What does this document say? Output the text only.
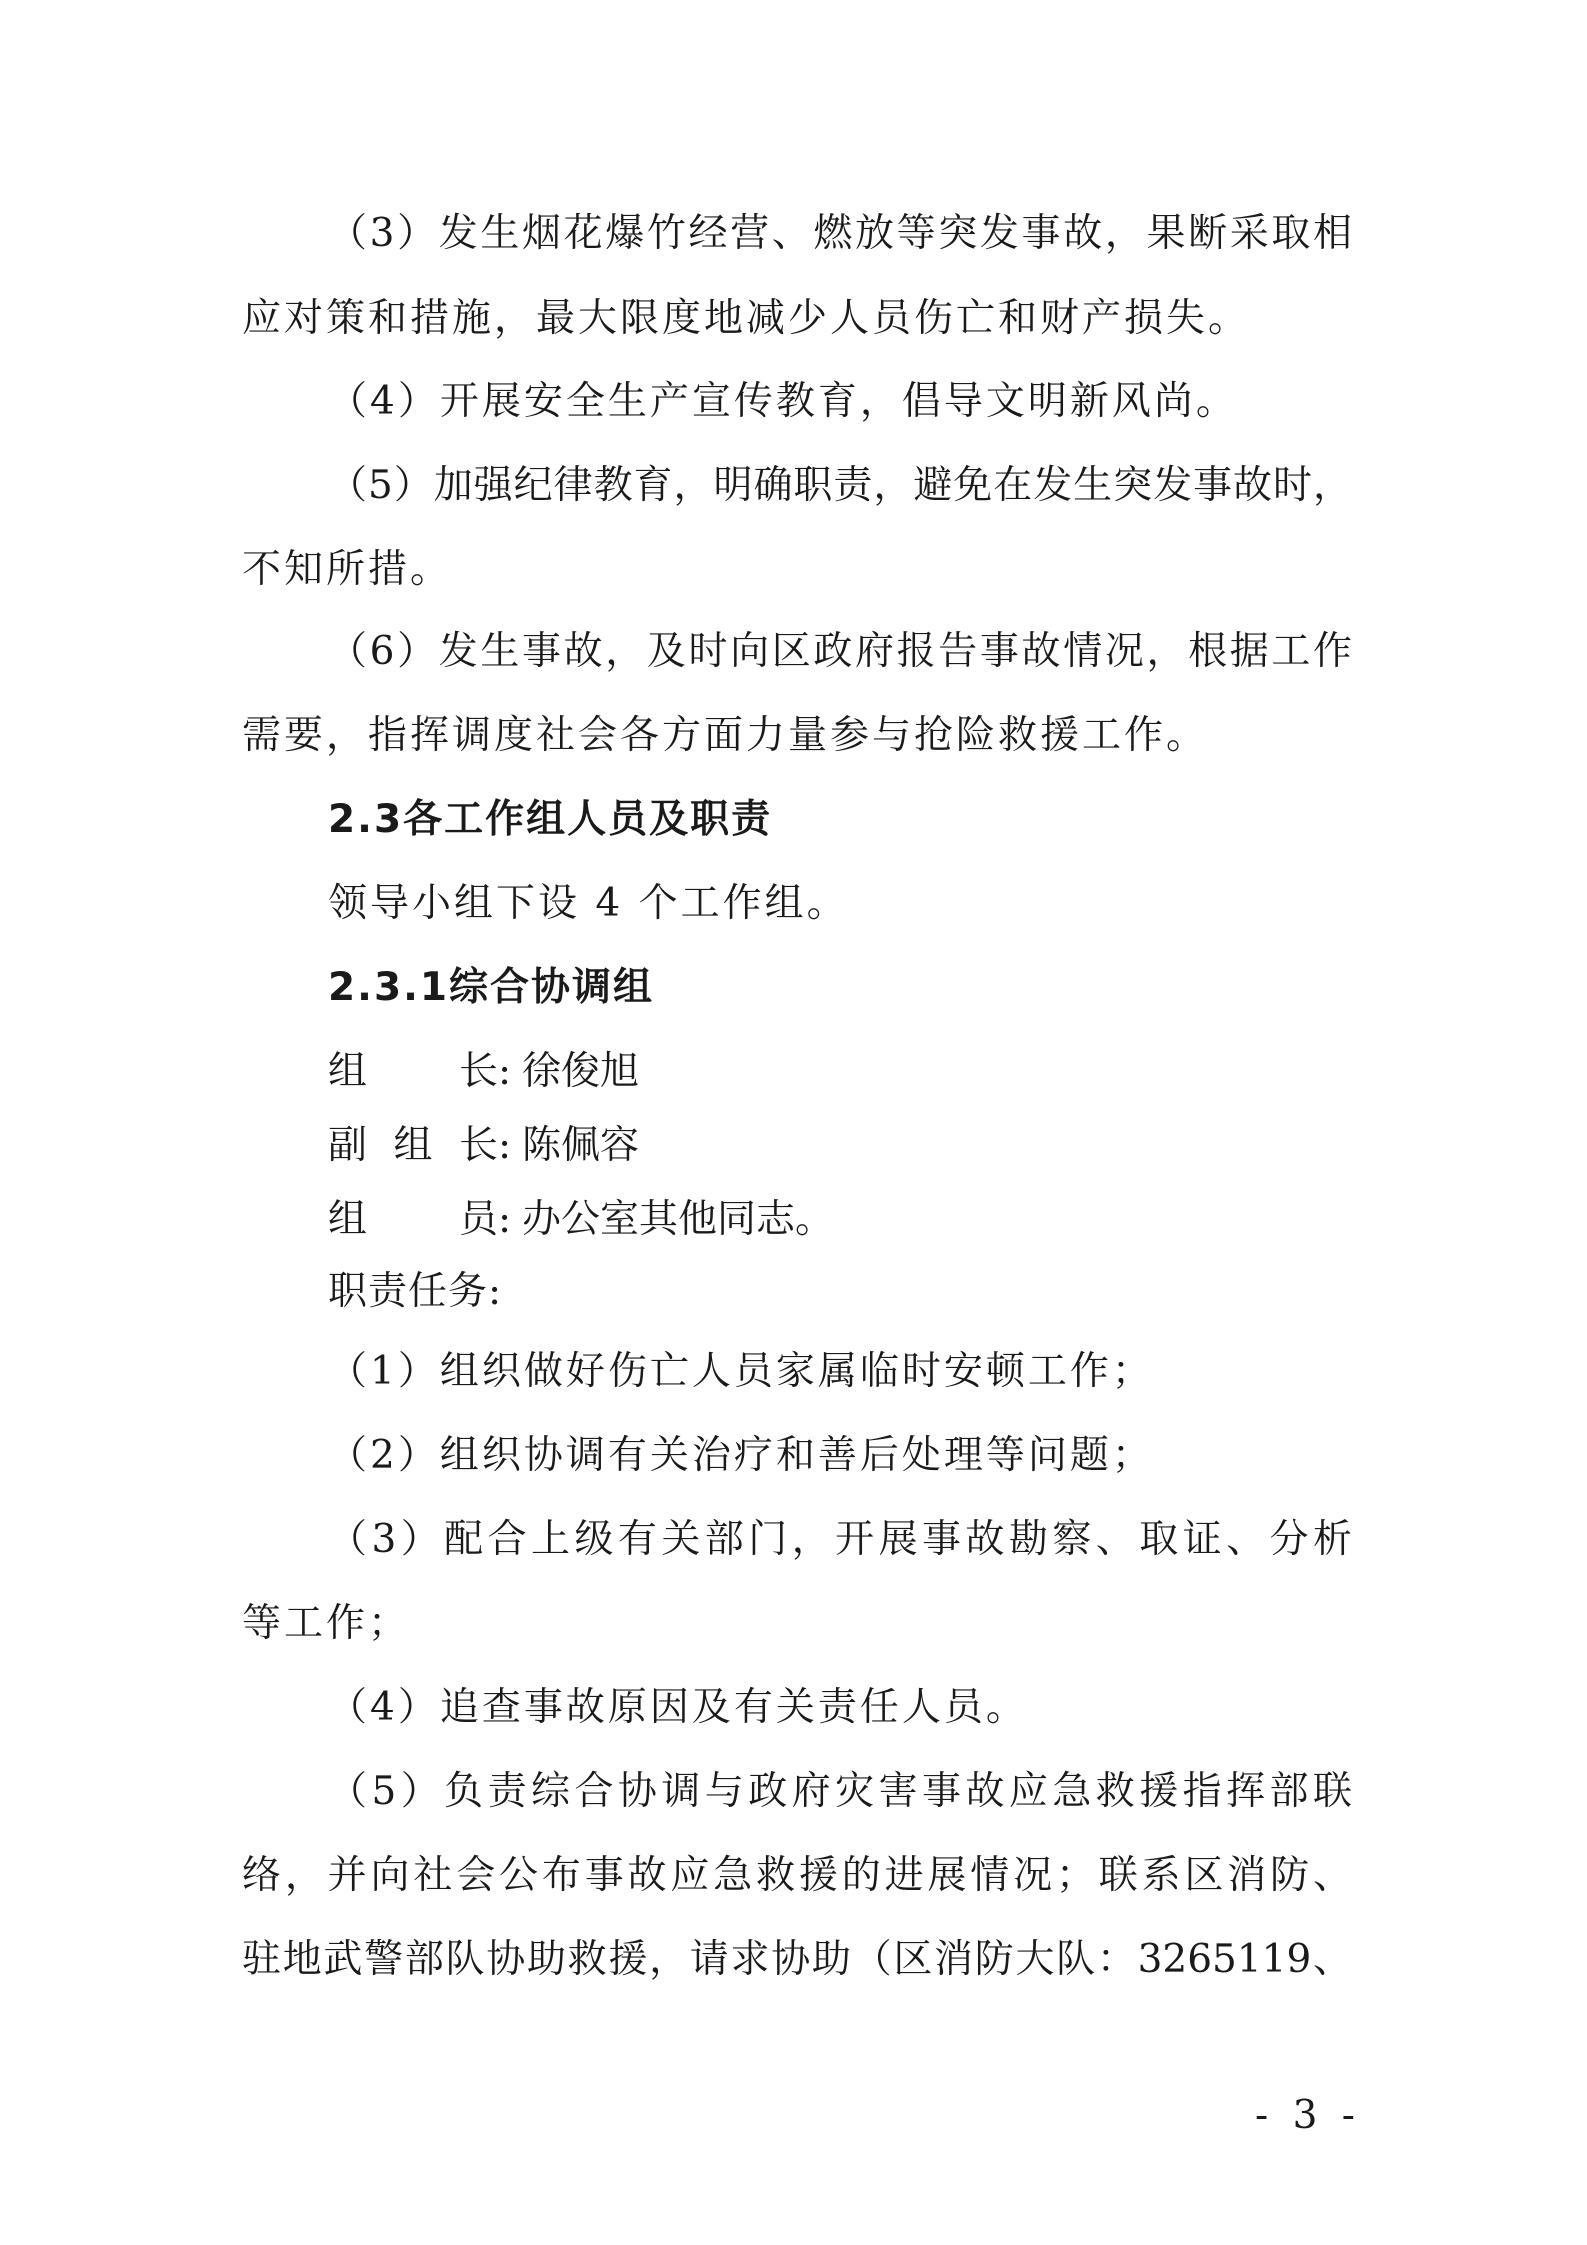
（3）发生烟花爆竹经营、燃放等突发事故，果断采取相
应对策和措施，最大限度地减少人员伤亡和财产损失。
（4）开展安全生产宣传教育，倡导文明新风尚。
（5）加强纪律教育，明确职责，避免在发生突发事故时，
不知所措。
（6）发生事故，及时向区政府报告事故情况，根据工作
需要，指挥调度社会各方面力量参与抢险救援工作。
2.3各工作组人员及职责
领导小组下设 4 个工作组。
2.3.1综合协调组
组 长: 徐俊旭
副组长: 陈佩容
组 员: 办公室其他同志。
职责任务:
（1）组织做好伤亡人员家属临时安顿工作；
（2）组织协调有关治疗和善后处理等问题；
（3）配合上级有关部门，开展事故勘察、取证、分析
等工作；
（4）追查事故原因及有关责任人员。
（5）负责综合协调与政府灾害事故应急救援指挥部联
络，并向社会公布事故应急救援的进展情况；联系区消防、
驻地武警部队协助救援，请求协助（区消防大队：3265119、
- 3 -
